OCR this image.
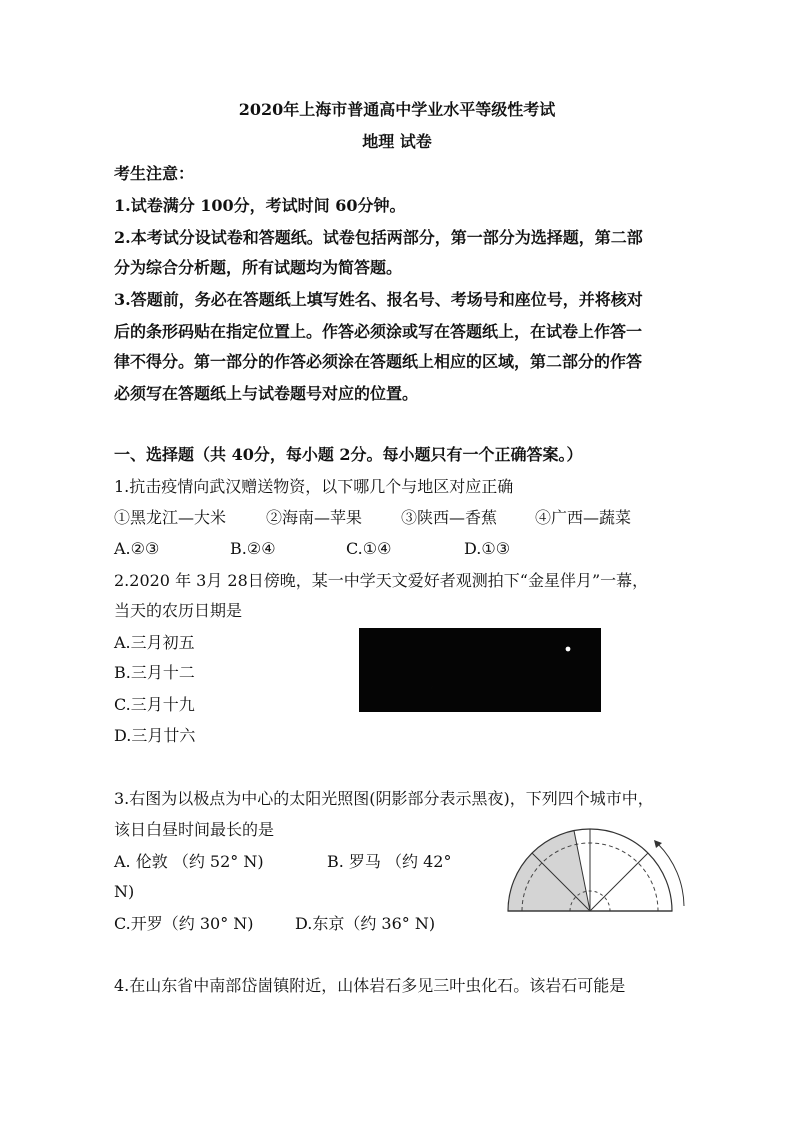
2020年上海市普通高中学业水平等级性考试
地理 试卷
考生注意：
1.试卷满分 100分，考试时间 60分钟。
2.本考试分设试卷和答题纸。试卷包括两部分，第一部分为选择题，第二部
分为综合分析题，所有试题均为简答题。
3.答题前，务必在答题纸上填写姓名、报名号、考场号和座位号，并将核对
后的条形码贴在指定位置上。作答必须涂或写在答题纸上，在试卷上作答一
律不得分。第一部分的作答必须涂在答题纸上相应的区域，第二部分的作答
必须写在答题纸上与试卷题号对应的位置。
一、选择题（共 40分，每小题 2分。每小题只有一个正确答案。）
1.抗击疫情向武汉赠送物资，以下哪几个与地区对应正确
①黑龙江—大米 ②海南—苹果 ③陕西—香蕉 ④广西—蔬菜
A.②③	B.②④	C.①④	D.①③
2.2020 年 3月 28日傍晚，某一中学天文爱好者观测拍下“金星伴月”一幕，
当天的农历日期是
A.三月初五
B.三月十二
C.三月十九
D.三月廿六
3.右图为以极点为中心的太阳光照图(阴影部分表示黑夜)，下列四个城市中，
该日白昼时间最长的是
A. 伦敦 （约 52° N)	B. 罗马 （约 42°
N)
C.开罗（约 30° N)	D.东京（约 36° N)
4.在山东省中南部岱崮镇附近，山体岩石多见三叶虫化石。该岩石可能是
